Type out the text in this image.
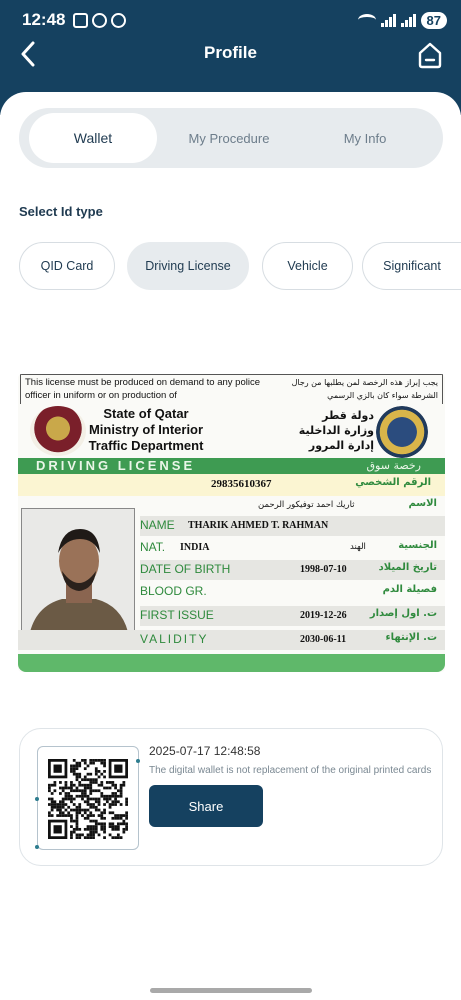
12:48	87
Profile
Wallet	My Procedure	My Info
Select Id type
QID Card	Driving License	Vehicle	Significant
This license must be produced on demand to any police officer in uniform or on production of
يجب إبراز هذه الرخصة لمن يطلبها من رجال الشرطة سواء كان بالزي الرسمي
State of Qatar
Ministry of Interior
Traffic Department
دولة قطر
وزارة الداخلية
إدارة المرور
DRIVING LICENSE	رخصة سوق
29835610367	الرقم الشخصي
ثاريك احمد توفيكور الرحمن	الاسم
NAME THARIK AHMED T. RAHMAN
NAT. INDIA	الهند	الجنسية
DATE OF BIRTH	1998-07-10	تاريخ الميلاد
BLOOD GR.	فصيلة الدم
FIRST ISSUE	2019-12-26 ت. اول إصدار
VALIDITY	2030-06-11	ت. الإنتهاء
2025-07-17 12:48:58
The digital wallet is not replacement of the original printed cards
Share
